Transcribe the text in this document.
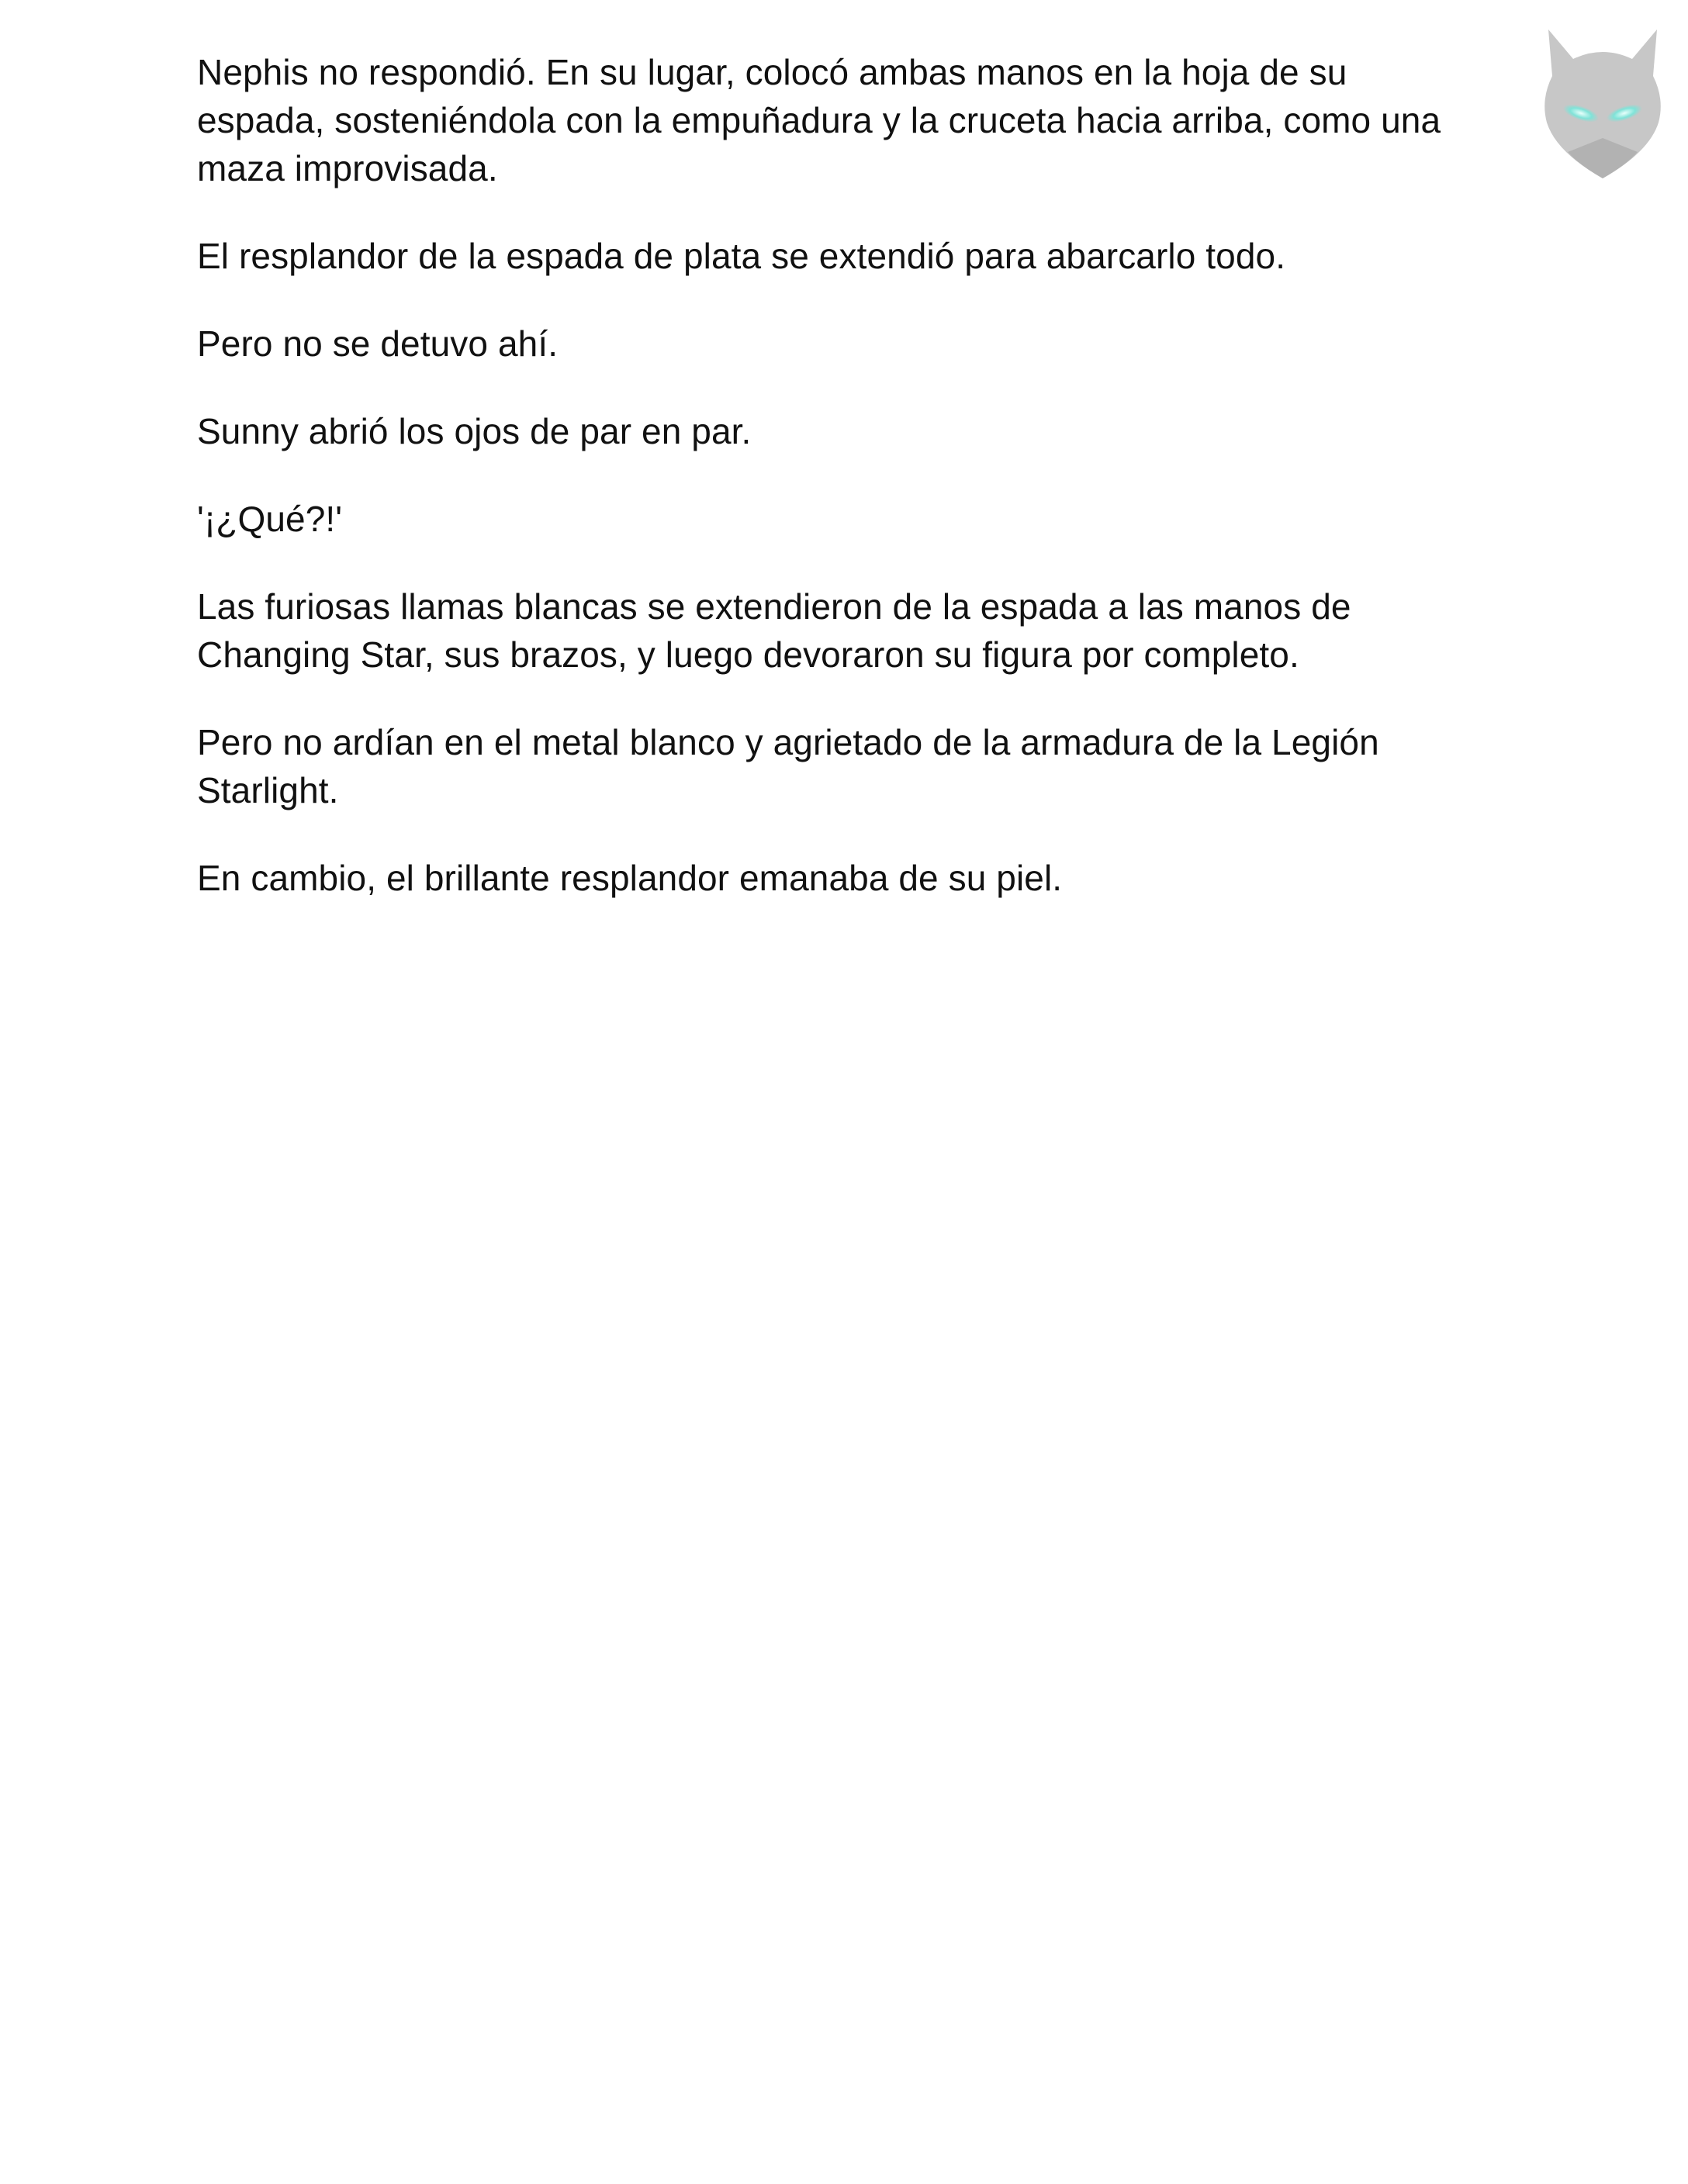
Nephis no respondió. En su lugar, colocó ambas manos en la hoja de su espada, sosteniéndola con la empuñadura y la cruceta hacia arriba, como una maza improvisada.

El resplandor de la espada de plata se extendió para abarcarlo todo.

Pero no se detuvo ahí.

Sunny abrió los ojos de par en par.

'¡¿Qué?!'

Las furiosas llamas blancas se extendieron de la espada a las manos de Changing Star, sus brazos, y luego devoraron su figura por completo.

Pero no ardían en el metal blanco y agrietado de la armadura de la Legión Starlight.

En cambio, el brillante resplandor emanaba de su piel.
